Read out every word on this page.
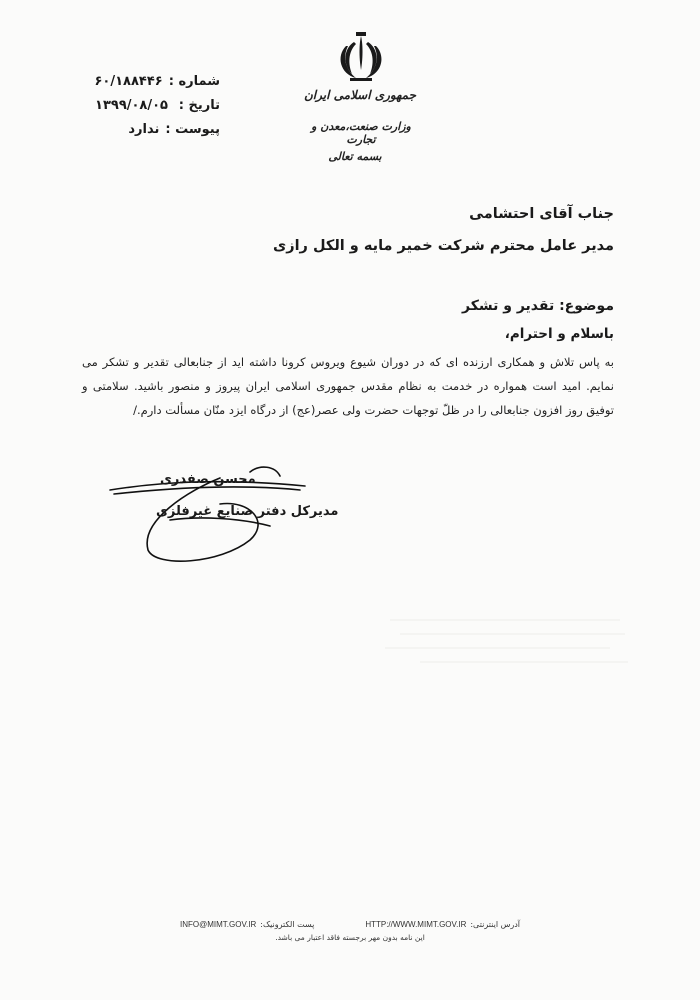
جمهوری اسلامی ایران
وزارت صنعت،معدن و تجارت
بسمه تعالی
شماره :
۶۰/۱۸۸۴۴۶
تاریخ :
۱۳۹۹/۰۸/۰۵
پیوست :
ندارد
جناب آقای احتشامی
مدیر عامل محترم شرکت خمیر مایه و الکل رازی
موضوع: تقدیر و تشکر
باسلام و احترام،
به پاس تلاش و همکاری ارزنده ای که در دوران شیوع ویروس کرونا داشته اید از جنابعالی تقدیر و تشکر می نمایم. امید است همواره در خدمت به نظام مقدس جمهوری اسلامی ایران پیروز و منصور باشید. سلامتی و توفیق روز افزون جنابعالی را در ظلّ توجهات حضرت ولی عصر(عج) از درگاه ایزد منّان مسألت دارم./
محسن صفدری
مدیرکل دفتر صنایع غیرفلزی
INFO@MIMT.GOV.IR پست الکترونیک:	HTTP://WWW.MIMT.GOV.IR آدرس اینترنتی:
این نامه بدون مهر برجسته فاقد اعتبار می باشد.
